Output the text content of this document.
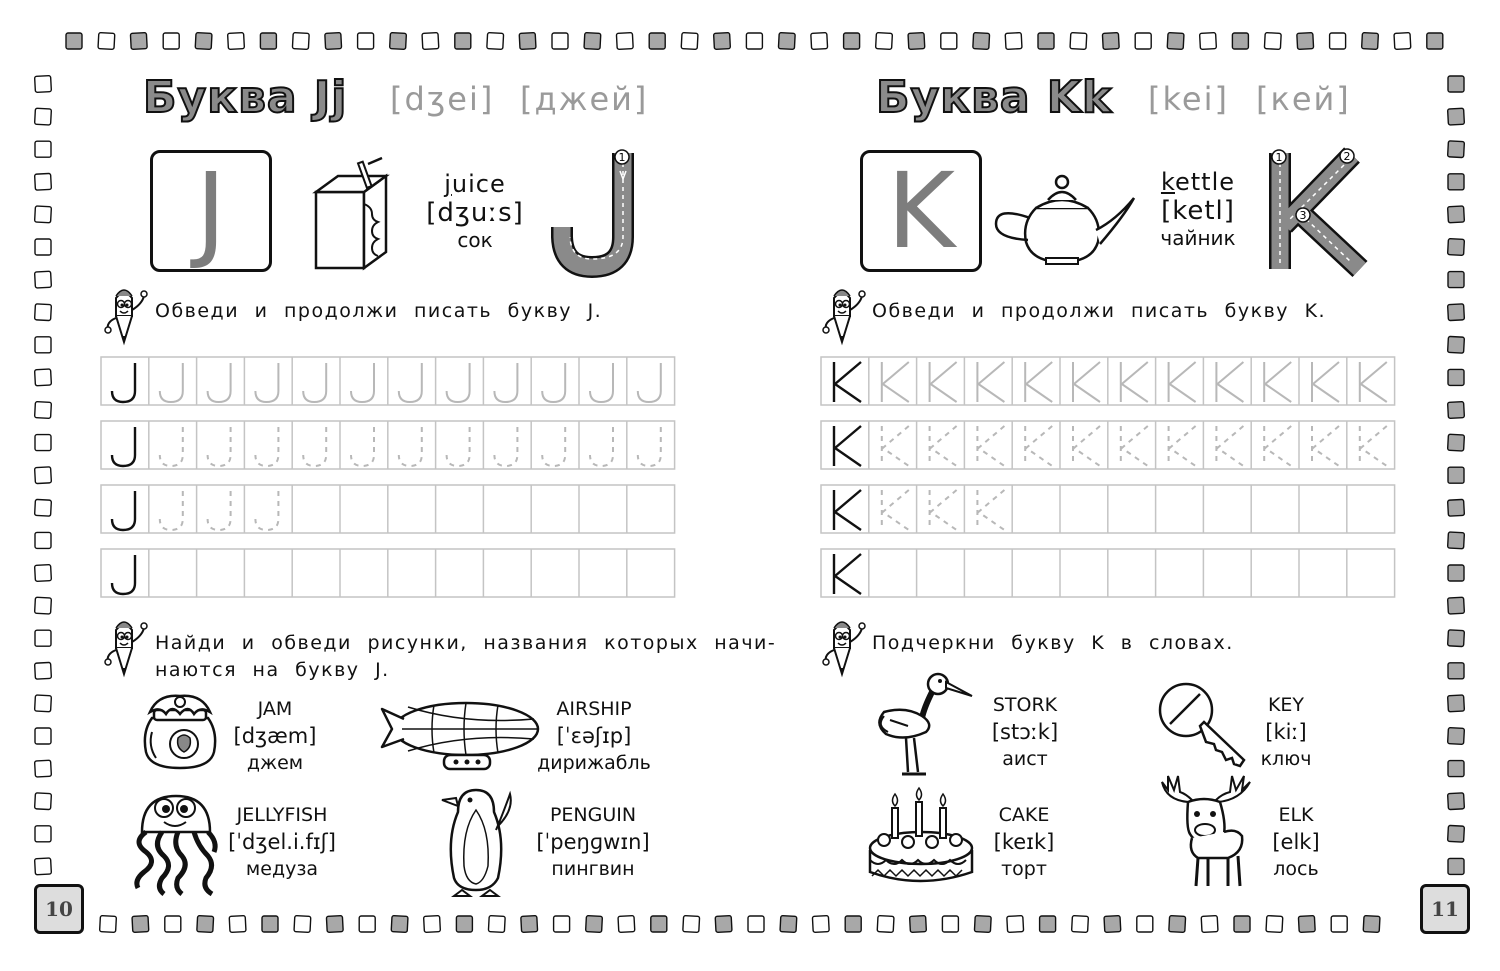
Буква Jj [dʒei] [джей]
J	juice
[dʒuːs]
сок
1
Обведи и продолжи писать букву J.
Найди и обведи рисунки, названия которых начи-
наются на букву J.
JAM
[dʒæm]
джем
AIRSHIP
[ˈɛəʃɪp]
дирижабль
JELLYFISH
[ˈdʒel.i.fɪʃ]
медуза
PENGUIN
[ˈpeŋɡwɪn]
пингвин
10
Буква Kk [kei] [кей]
K	kettle
[ketl]
чайник
1	2
3
Обведи и продолжи писать букву K.
Подчеркни букву K в словах.
STORK
[stɔːk]
аист
KEY
[kiː]
ключ
CAKE
[keɪk]
торт
ELK
[elk]
лось
11
